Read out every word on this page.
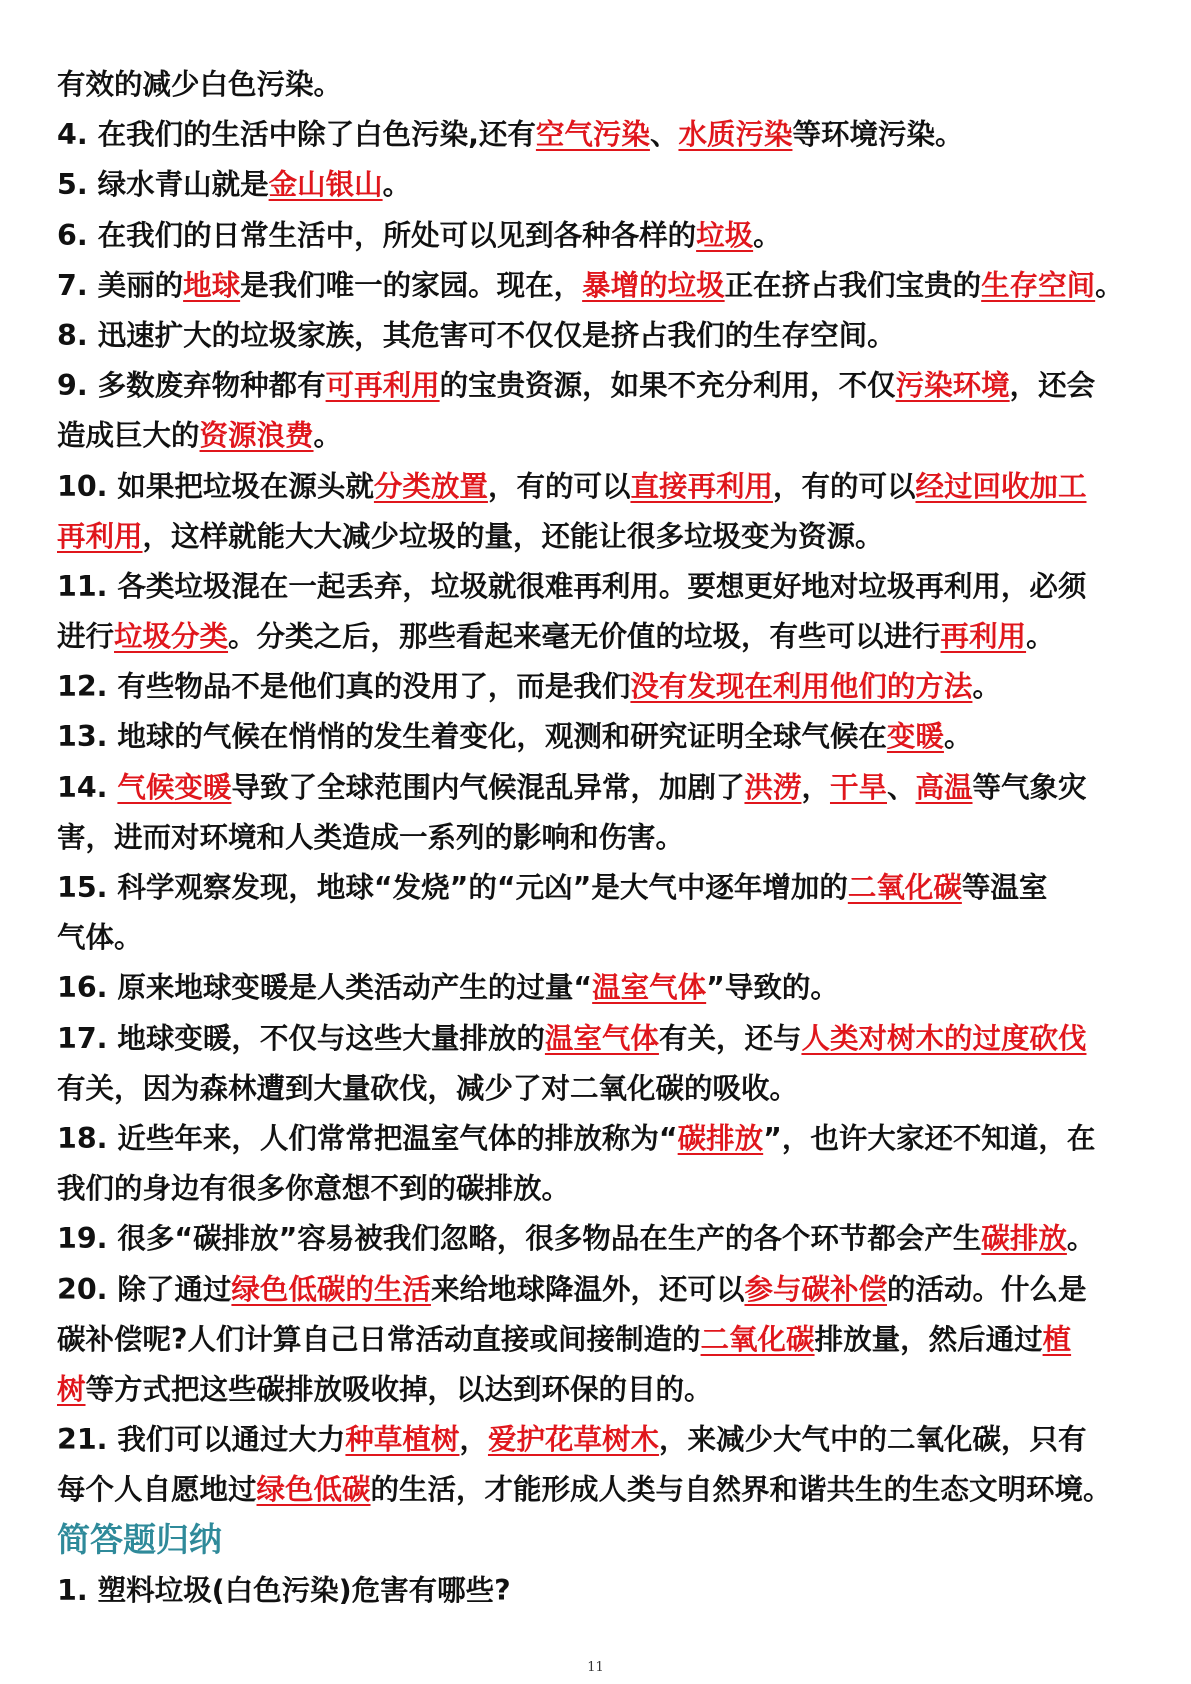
有效的减少白色污染。
4. 在我们的生活中除了白色污染,还有空气污染、水质污染等环境污染。
5. 绿水青山就是金山银山。
6. 在我们的日常生活中，所处可以见到各种各样的垃圾。
7. 美丽的地球是我们唯一的家园。现在，暴增的垃圾正在挤占我们宝贵的生存空间。
8. 迅速扩大的垃圾家族，其危害可不仅仅是挤占我们的生存空间。
9. 多数废弃物种都有可再利用的宝贵资源，如果不充分利用，不仅污染环境，还会
造成巨大的资源浪费。
10. 如果把垃圾在源头就分类放置，有的可以直接再利用，有的可以经过回收加工
再利用，这样就能大大减少垃圾的量，还能让很多垃圾变为资源。
11. 各类垃圾混在一起丢弃，垃圾就很难再利用。要想更好地对垃圾再利用，必须
进行垃圾分类。分类之后，那些看起来毫无价值的垃圾，有些可以进行再利用。
12. 有些物品不是他们真的没用了，而是我们没有发现在利用他们的方法。
13. 地球的气候在悄悄的发生着变化，观测和研究证明全球气候在变暖。
14. 气候变暖导致了全球范围内气候混乱异常，加剧了洪涝，干旱、高温等气象灾
害，进而对环境和人类造成一系列的影响和伤害。
15. 科学观察发现，地球“发烧”的“元凶”是大气中逐年增加的二氧化碳等温室
气体。
16. 原来地球变暖是人类活动产生的过量“温室气体”导致的。
17. 地球变暖，不仅与这些大量排放的温室气体有关，还与人类对树木的过度砍伐
有关，因为森林遭到大量砍伐，减少了对二氧化碳的吸收。
18. 近些年来，人们常常把温室气体的排放称为“碳排放”，也许大家还不知道，在
我们的身边有很多你意想不到的碳排放。
19. 很多“碳排放”容易被我们忽略，很多物品在生产的各个环节都会产生碳排放。
20. 除了通过绿色低碳的生活来给地球降温外，还可以参与碳补偿的活动。什么是
碳补偿呢?人们计算自己日常活动直接或间接制造的二氧化碳排放量，然后通过植
树等方式把这些碳排放吸收掉，以达到环保的目的。
21. 我们可以通过大力种草植树，爱护花草树木，来减少大气中的二氧化碳，只有
每个人自愿地过绿色低碳的生活，才能形成人类与自然界和谐共生的生态文明环境。
简答题归纳
1. 塑料垃圾(白色污染)危害有哪些?
11
